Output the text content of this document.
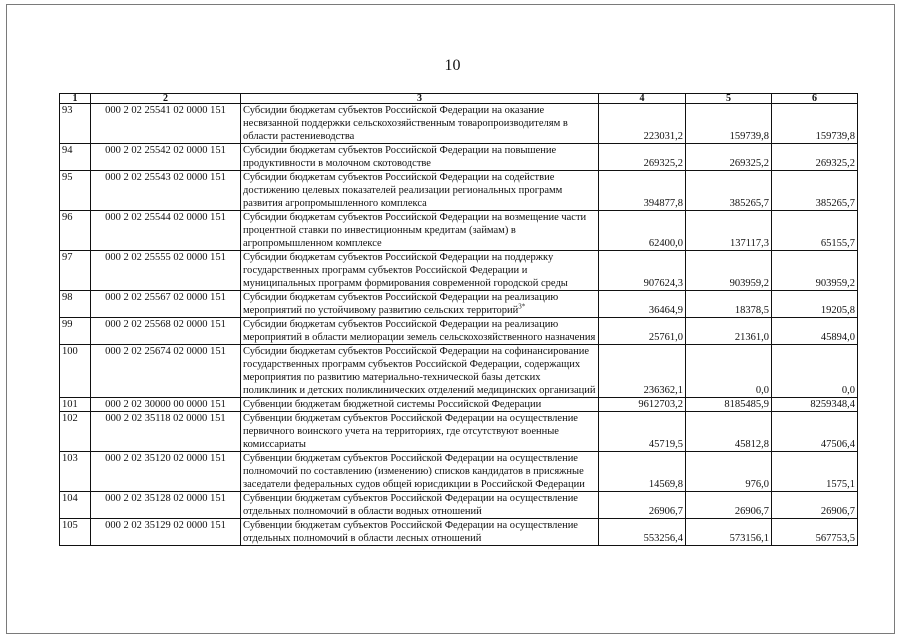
10
1	2	3	4	5	6
93	000 2 02 25541 02 0000 151	Субсидии бюджетам субъектов Российской Федерации на оказание несвязанной поддержки сельскохозяйственным товаропроизводителям в области растениеводства	223031,2	159739,8	159739,8
94	000 2 02 25542 02 0000 151	Субсидии бюджетам субъектов Российской Федерации на повышение продуктивности в молочном скотоводстве	269325,2	269325,2	269325,2
95	000 2 02 25543 02 0000 151	Субсидии бюджетам субъектов Российской Федерации на содействие достижению целевых показателей реализации региональных программ развития агропромышленного комплекса	394877,8	385265,7	385265,7
96	000 2 02 25544 02 0000 151	Субсидии бюджетам субъектов Российской Федерации на возмещение части процентной ставки по инвестиционным кредитам (займам) в агропромышленном комплексе	62400,0	137117,3	65155,7
97	000 2 02 25555 02 0000 151	Субсидии бюджетам субъектов Российской Федерации на поддержку государственных программ субъектов Российской Федерации и муниципальных программ формирования современной городской среды	907624,3	903959,2	903959,2
98	000 2 02 25567 02 0000 151	Субсидии бюджетам субъектов Российской Федерации на реализацию мероприятий по устойчивому развитию сельских территорий$^{3*}$	36464,9	18378,5	19205,8
99	000 2 02 25568 02 0000 151	Субсидии бюджетам субъектов Российской Федерации на реализацию мероприятий в области мелиорации земель сельскохозяйственного назначения	25761,0	21361,0	45894,0
100	000 2 02 25674 02 0000 151	Субсидии бюджетам субъектов Российской Федерации на софинансирование государственных программ субъектов Российской Федерации, содержащих мероприятия по развитию материально-технической базы детских поликлиник и детских поликлинических отделений медицинских организаций	236362,1	0,0	0,0
101	000 2 02 30000 00 0000 151	Субвенции бюджетам бюджетной системы Российской Федерации	9612703,2	8185485,9	8259348,4
102	000 2 02 35118 02 0000 151	Субвенции бюджетам субъектов Российской Федерации на осуществление первичного воинского учета на территориях, где отсутствуют военные комиссариаты	45719,5	45812,8	47506,4
103	000 2 02 35120 02 0000 151	Субвенции бюджетам субъектов Российской Федерации на осуществление полномочий по составлению (изменению) списков кандидатов в присяжные заседатели федеральных судов общей юрисдикции в Российской Федерации	14569,8	976,0	1575,1
104	000 2 02 35128 02 0000 151	Субвенции бюджетам субъектов Российской Федерации на осуществление отдельных полномочий в области водных отношений	26906,7	26906,7	26906,7
105	000 2 02 35129 02 0000 151	Субвенции бюджетам субъектов Российской Федерации на осуществление отдельных полномочий в области лесных отношений	553256,4	573156,1	567753,5
